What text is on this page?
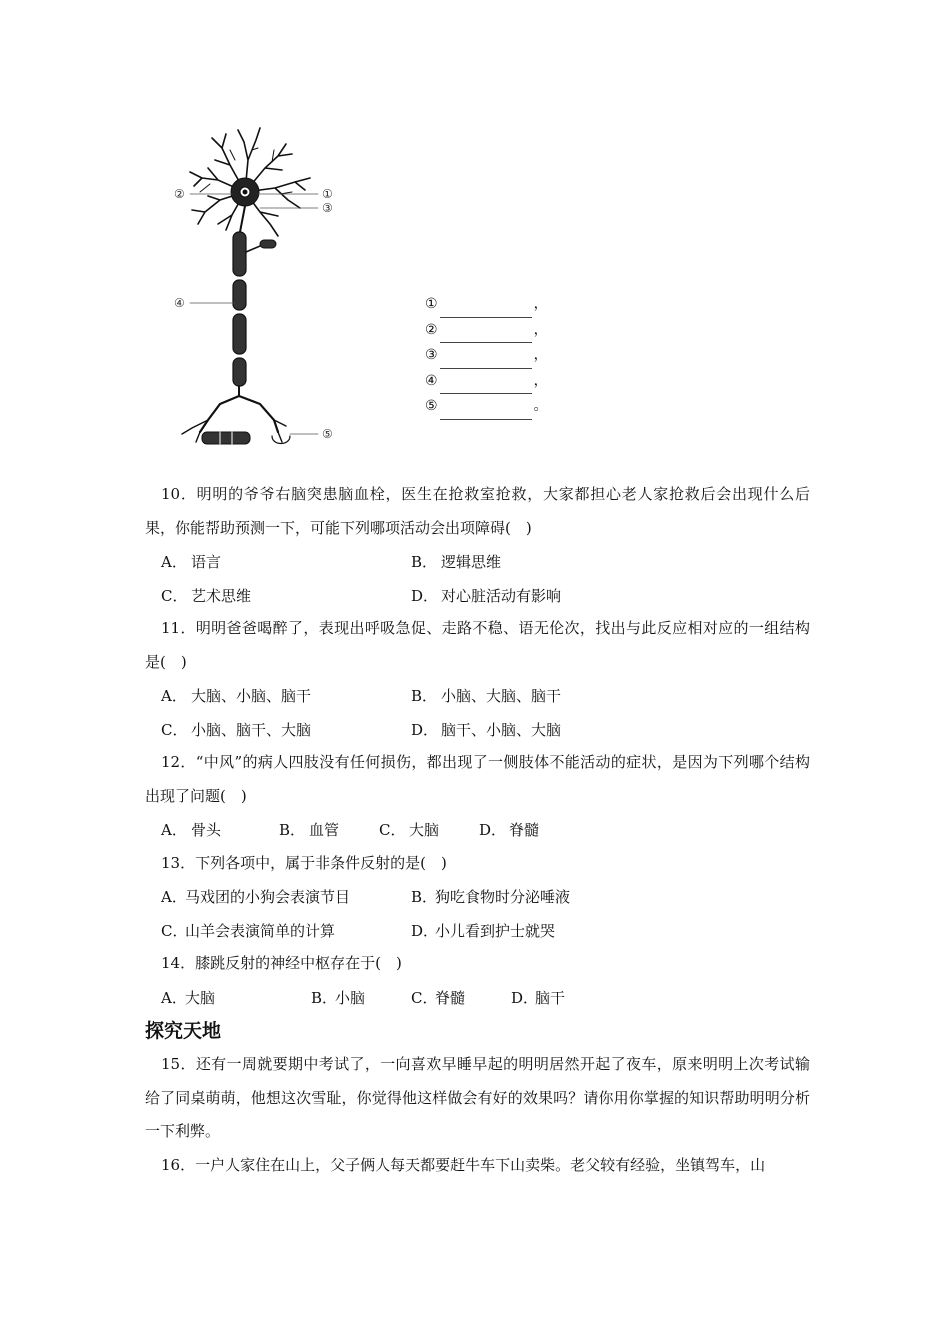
②	①
③
④
⑤
①	，
②	，
③	，
④	，
⑤	。

10．明明的爷爷右脑突患脑血栓，医生在抢救室抢救，大家都担心老人家抢救后会出现什么后果，你能帮助预测一下，可能下列哪项活动会出项障碍(　)

A． 语言	B． 逻辑思维
C． 艺术思维	D． 对心脏活动有影响

11．明明爸爸喝醉了，表现出呼吸急促、走路不稳、语无伦次，找出与此反应相对应的一组结构是(　)

A． 大脑、小脑、脑干	B． 小脑、大脑、脑干
C． 小脑、脑干、大脑	D． 脑干、小脑、大脑

12．“中风”的病人四肢没有任何损伤，都出现了一侧肢体不能活动的症状，是因为下列哪个结构出现了问题(　)

A． 骨头	B． 血管	C． 大脑	D． 脊髓

13．下列各项中，属于非条件反射的是(　)

A．马戏团的小狗会表演节目	B．狗吃食物时分泌唾液
C．山羊会表演简单的计算	D．小儿看到护士就哭

14．膝跳反射的神经中枢存在于(　)

A．大脑	B．小脑	C．脊髓	D．脑干
探究天地

15．还有一周就要期中考试了，一向喜欢早睡早起的明明居然开起了夜车，原来明明上次考试输给了同桌萌萌，他想这次雪耻，你觉得他这样做会有好的效果吗？请你用你掌握的知识帮助明明分析一下利弊。

16．一户人家住在山上，父子俩人每天都要赶牛车下山卖柴。老父较有经验，坐镇驾车，山
